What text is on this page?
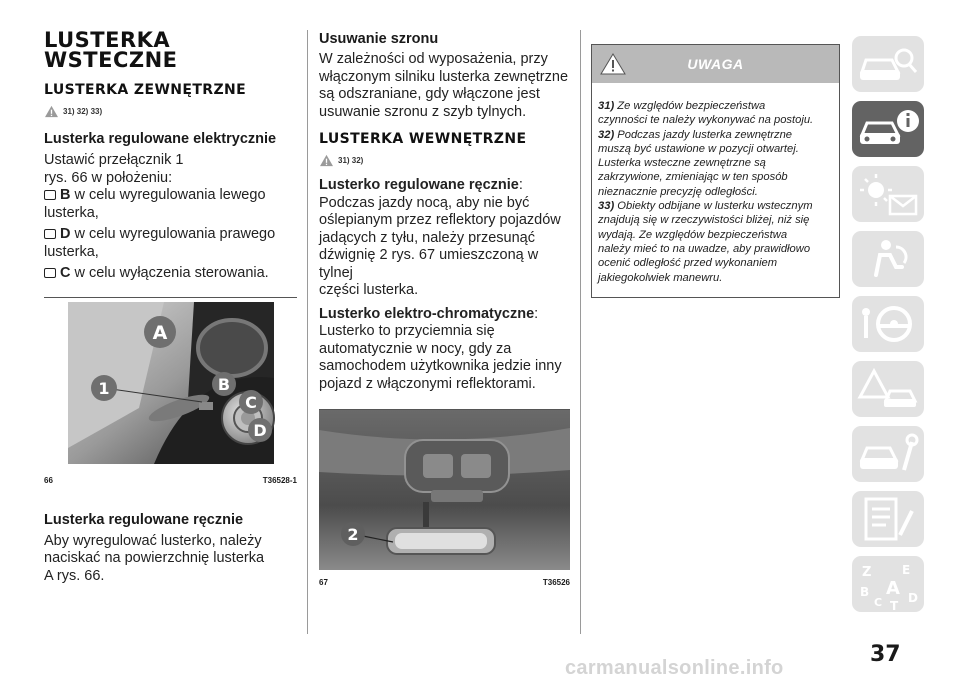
LUSTERKA
WSTECZNE
LUSTERKA ZEWNĘTRZNE
31) 32) 33)
Lusterka regulowane elektrycznie
Ustawić przełącznik 1
rys. 66 w położeniu:
B w celu wyregulowania lewego
lusterka,
D w celu wyregulowania prawego
lusterka,
C w celu wyłączenia sterowania.
A
1	B
C
D
66	T36528-1
Lusterka regulowane ręcznie
Aby wyregulować lusterko, należy
naciskać na powierzchnię lusterka
A rys. 66.
Usuwanie szronu
W zależności od wyposażenia, przy
włączonym silniku lusterka zewnętrzne
są odszraniane, gdy włączone jest
usuwanie szronu z szyb tylnych.
LUSTERKA WEWNĘTRZNE
31) 32)
Lusterko regulowane ręcznie:
Podczas jazdy nocą, aby nie być
oślepianym przez reflektory pojazdów
jadących z tyłu, należy przesunąć
dźwignię 2 rys. 67 umieszczoną w tylnej
części lusterka.
Lusterko elektro-chromatyczne:
Lusterko to przyciemnia się
automatycznie w nocy, gdy za
samochodem użytkownika jedzie inny
pojazd z włączonymi reflektorami.
2
67	T36526
UWAGA
31) Ze względów bezpieczeństwa
czynności te należy wykonywać na postoju.
32) Podczas jazdy lusterka zewnętrzne
muszą być ustawione w pozycji otwartej.
Lusterka wsteczne zewnętrzne są
zakrzywione, zmieniając w ten sposób
nieznacznie precyzję odległości.
33) Obiekty odbijane w lusterku wstecznym
znajdują się w rzeczywistości bliżej, niż się
wydają. Ze względów bezpieczeństwa
należy mieć to na uwadze, aby prawidłowo
ocenić odległość przed wykonaniem
jakiegokolwiek manewru.
Z	E
B A
C T
D
37
carmanualsonline.info
